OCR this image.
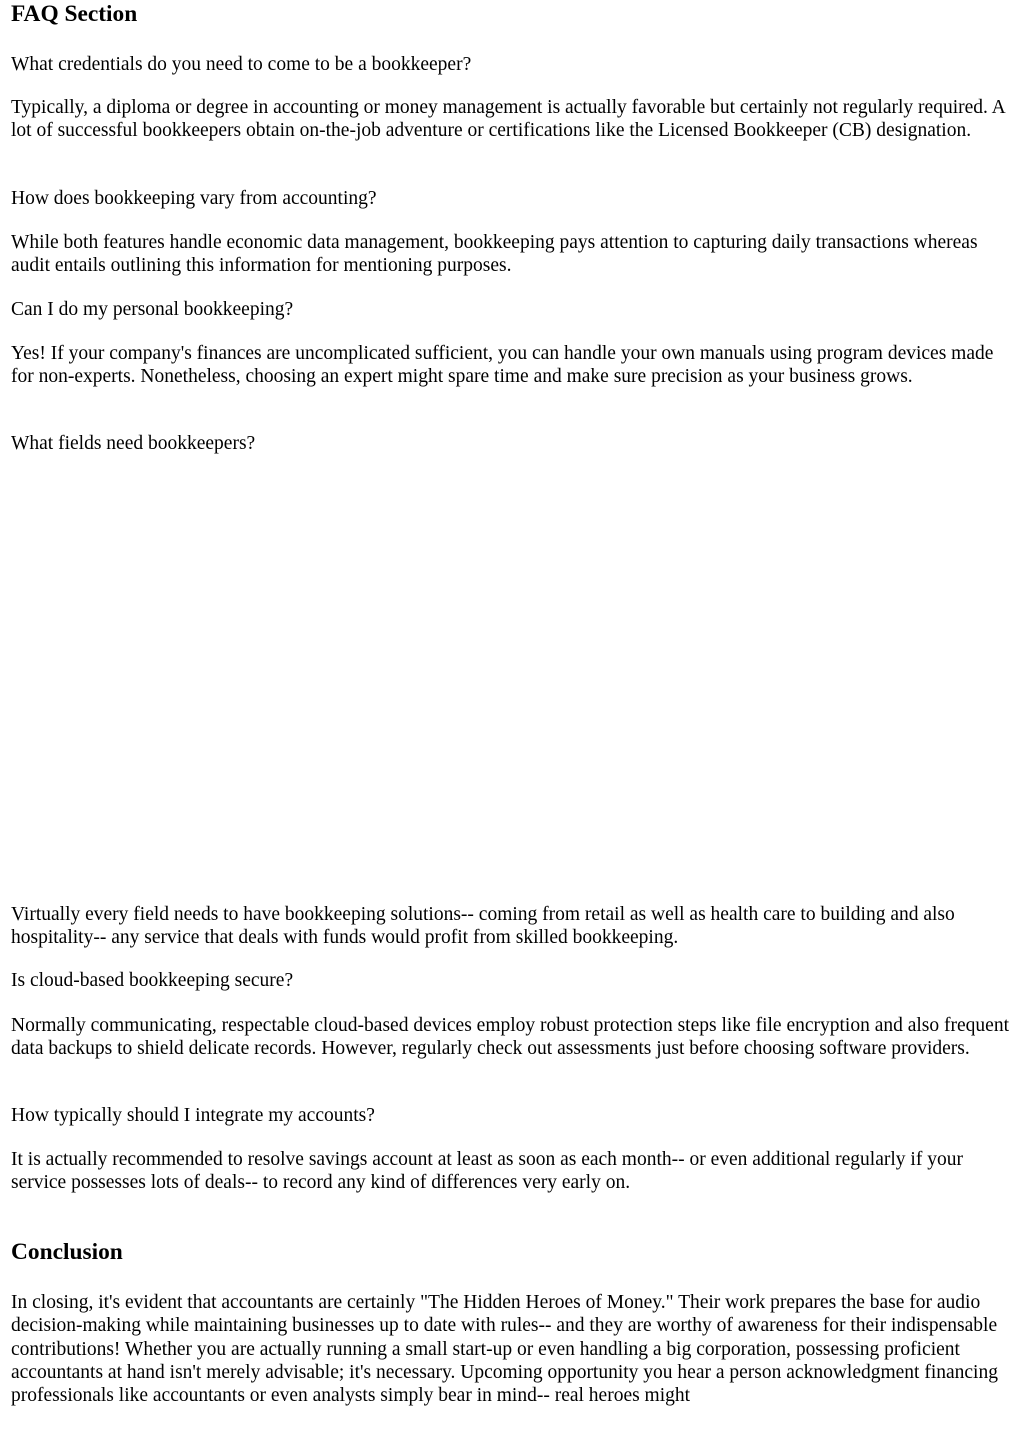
FAQ Section

What credentials do you need to come to be a bookkeeper?

Typically, a diploma or degree in accounting or money management is actually favorable but certainly not regularly required. A lot of successful bookkeepers obtain on-the-job adventure or certifications like the Licensed Bookkeeper (CB) designation.

How does bookkeeping vary from accounting?

While both features handle economic data management, bookkeeping pays attention to capturing daily transactions whereas audit entails outlining this information for mentioning purposes.

Can I do my personal bookkeeping?

Yes! If your company's finances are uncomplicated sufficient, you can handle your own manuals using program devices made for non-experts. Nonetheless, choosing an expert might spare time and make sure precision as your business grows.

What fields need bookkeepers?

Virtually every field needs to have bookkeeping solutions-- coming from retail as well as health care to building and also hospitality-- any service that deals with funds would profit from skilled bookkeeping.

Is cloud-based bookkeeping secure?

Normally communicating, respectable cloud-based devices employ robust protection steps like file encryption and also frequent data backups to shield delicate records. However, regularly check out assessments just before choosing software providers.

How typically should I integrate my accounts?

It is actually recommended to resolve savings account at least as soon as each month-- or even additional regularly if your service possesses lots of deals-- to record any kind of differences very early on.

Conclusion

In closing, it's evident that accountants are certainly "The Hidden Heroes of Money." Their work prepares the base for audio decision-making while maintaining businesses up to date with rules-- and they are worthy of awareness for their indispensable contributions! Whether you are actually running a small start-up or even handling a big corporation, possessing proficient accountants at hand isn't merely advisable; it's necessary. Upcoming opportunity you hear a person acknowledgment financing professionals like accountants or even analysts simply bear in mind-- real heroes might
